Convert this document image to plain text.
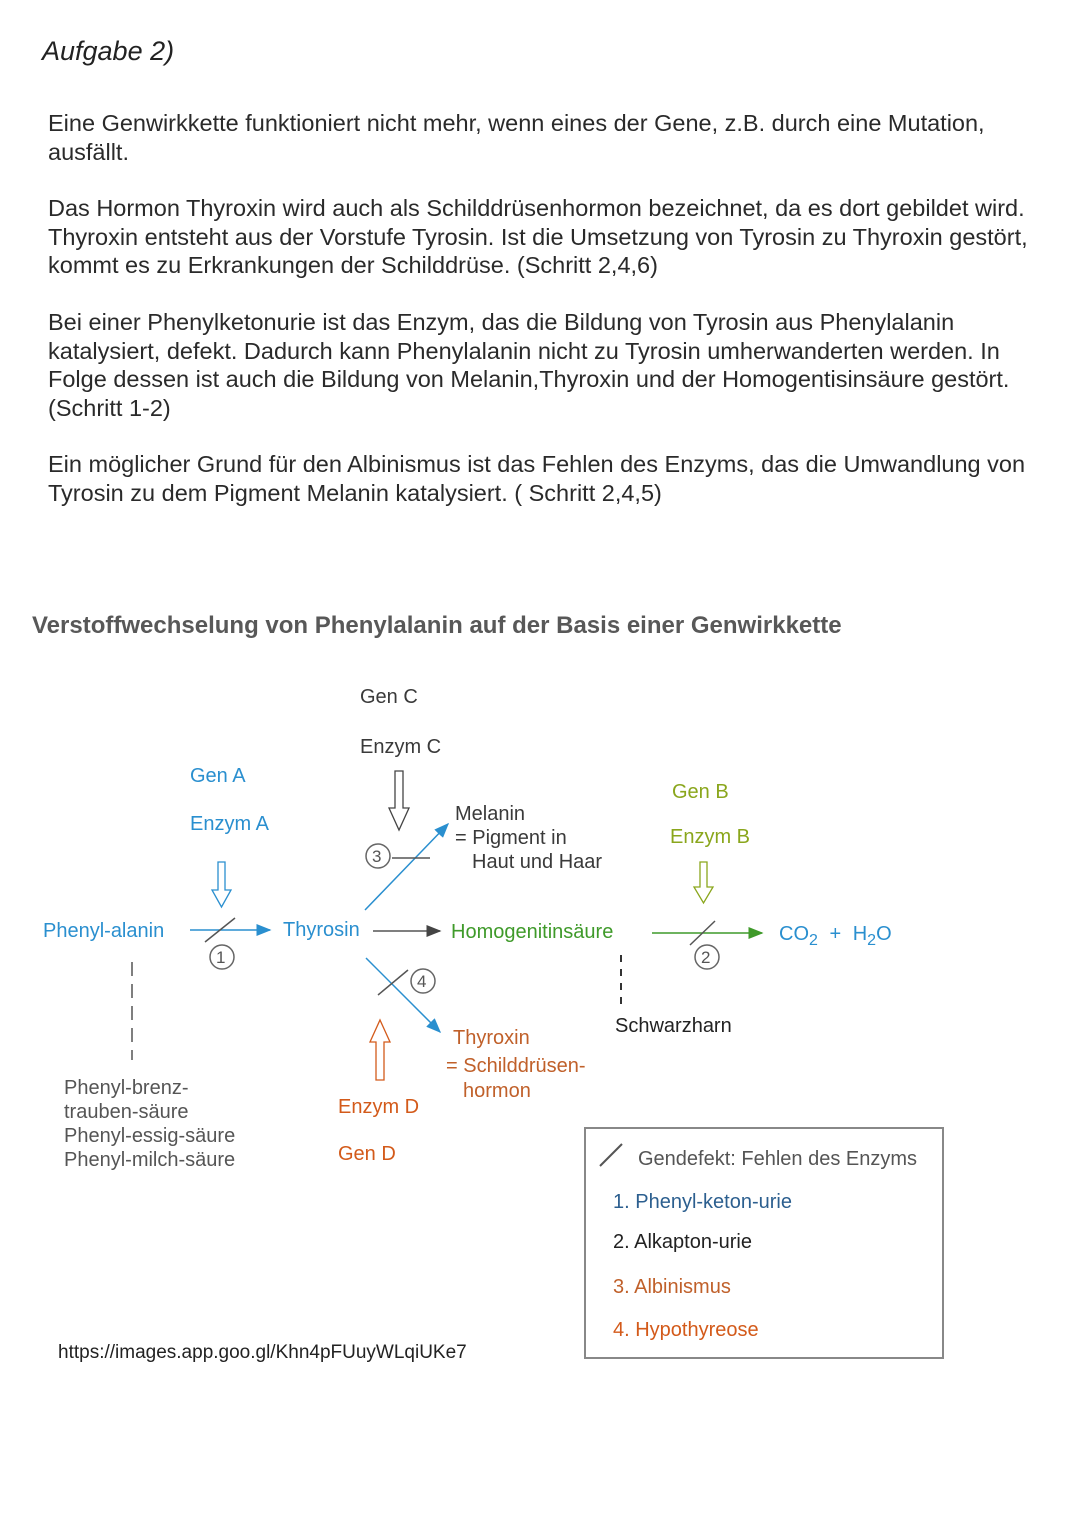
Aufgabe 2)
Eine Genwirkkette funktioniert nicht mehr, wenn eines der Gene, z.B. durch eine Mutation, ausfällt.
Das Hormon Thyroxin wird auch als Schilddrüsenhormon bezeichnet, da es dort gebildet wird. Thyroxin entsteht aus der Vorstufe Tyrosin. Ist die Umsetzung von Tyrosin zu Thyroxin gestört, kommt es zu Erkrankungen der Schilddrüse. (Schritt 2,4,6)
Bei einer Phenylketonurie ist das Enzym, das die Bildung von Tyrosin aus Phenylalanin katalysiert, defekt. Dadurch kann Phenylalanin nicht zu Tyrosin umherwanderten werden. In Folge dessen ist auch die Bildung von Melanin,Thyroxin und der Homogentisinsäure gestört. (Schritt 1-2)
Ein möglicher Grund für den Albinismus ist das Fehlen des Enzyms, das die Umwandlung von Tyrosin zu dem Pigment Melanin katalysiert. ( Schritt 2,4,5)
Verstoffwechselung von Phenylalanin auf der Basis einer Genwirkkette
1	2
3
4
Gen C
Enzym C
Gen A
Enzym A
Gen B
Enzym B
Enzym D
Gen D
Phenyl-alanin	Thyrosin	Homogenitinsäure	$CO_2 + H_2O$
Melanin
= Pigment in
Haut und Haar
Thyroxin
= Schilddrüsen-
hormon
Schwarzharn
Phenyl-brenz-
trauben-säure
Phenyl-essig-säure
Phenyl-milch-säure	Gendefekt: Fehlen des Enzyms
1. Phenyl-keton-urie
2. Alkapton-urie
3. Albinismus
4. Hypothyreose
https://images.app.goo.gl/Khn4pFUuyWLqiUKe7
